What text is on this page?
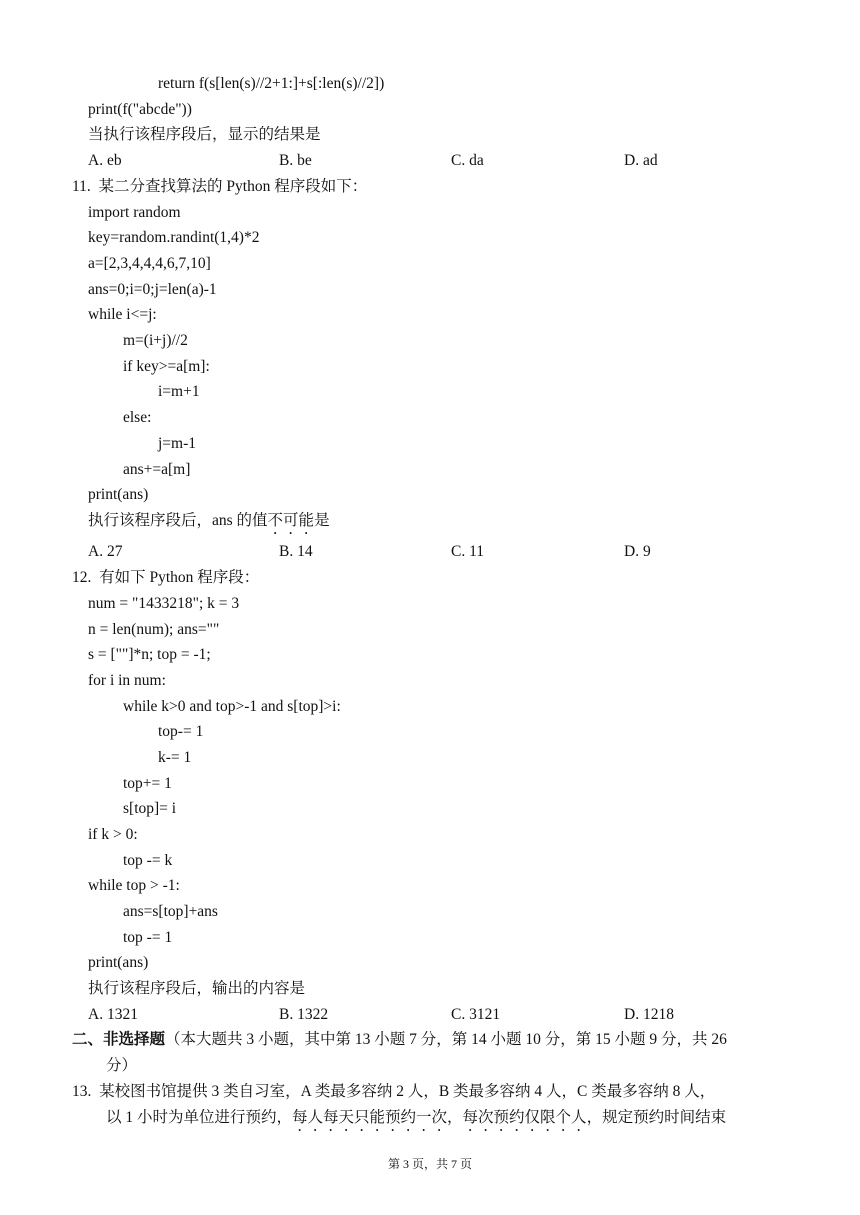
return f(s[len(s)//2+1:]+s[:len(s)//2])
print(f("abcde"))
当执行该程序段后，显示的结果是
A. eb	B. be	C. da	D. ad
11.  某二分查找算法的 Python 程序段如下：
import random
key=random.randint(1,4)*2
a=[2,3,4,4,4,6,7,10]
ans=0;i=0;j=len(a)-1
while i<=j:
m=(i+j)//2
if key>=a[m]:
i=m+1
else:
j=m-1
ans+=a[m]
print(ans)
执行该程序段后，ans 的值不可能是
A. 27	B. 14	C. 11	D. 9
12.  有如下 Python 程序段：
num = "1433218"; k = 3
n = len(num); ans=""
s = [""]*n; top = -1;
for i in num:
while k>0 and top>-1 and s[top]>i:
top-= 1
k-= 1
top+= 1
s[top]= i
if k > 0:
top -= k
while top > -1:
ans=s[top]+ans
top -= 1
print(ans)
执行该程序段后，输出的内容是
A. 1321	B. 1322	C. 3121	D. 1218
二、非选择题（本大题共 3 小题，其中第 13 小题 7 分，第 14 小题 10 分，第 15 小题 9 分，共 26
分）
13.  某校图书馆提供 3 类自习室，A 类最多容纳 2 人，B 类最多容纳 4 人，C 类最多容纳 8 人，
以 1 小时为单位进行预约，每人每天只能预约一次，每次预约仅限个人，规定预约时间结束
第 3 页，共 7 页
